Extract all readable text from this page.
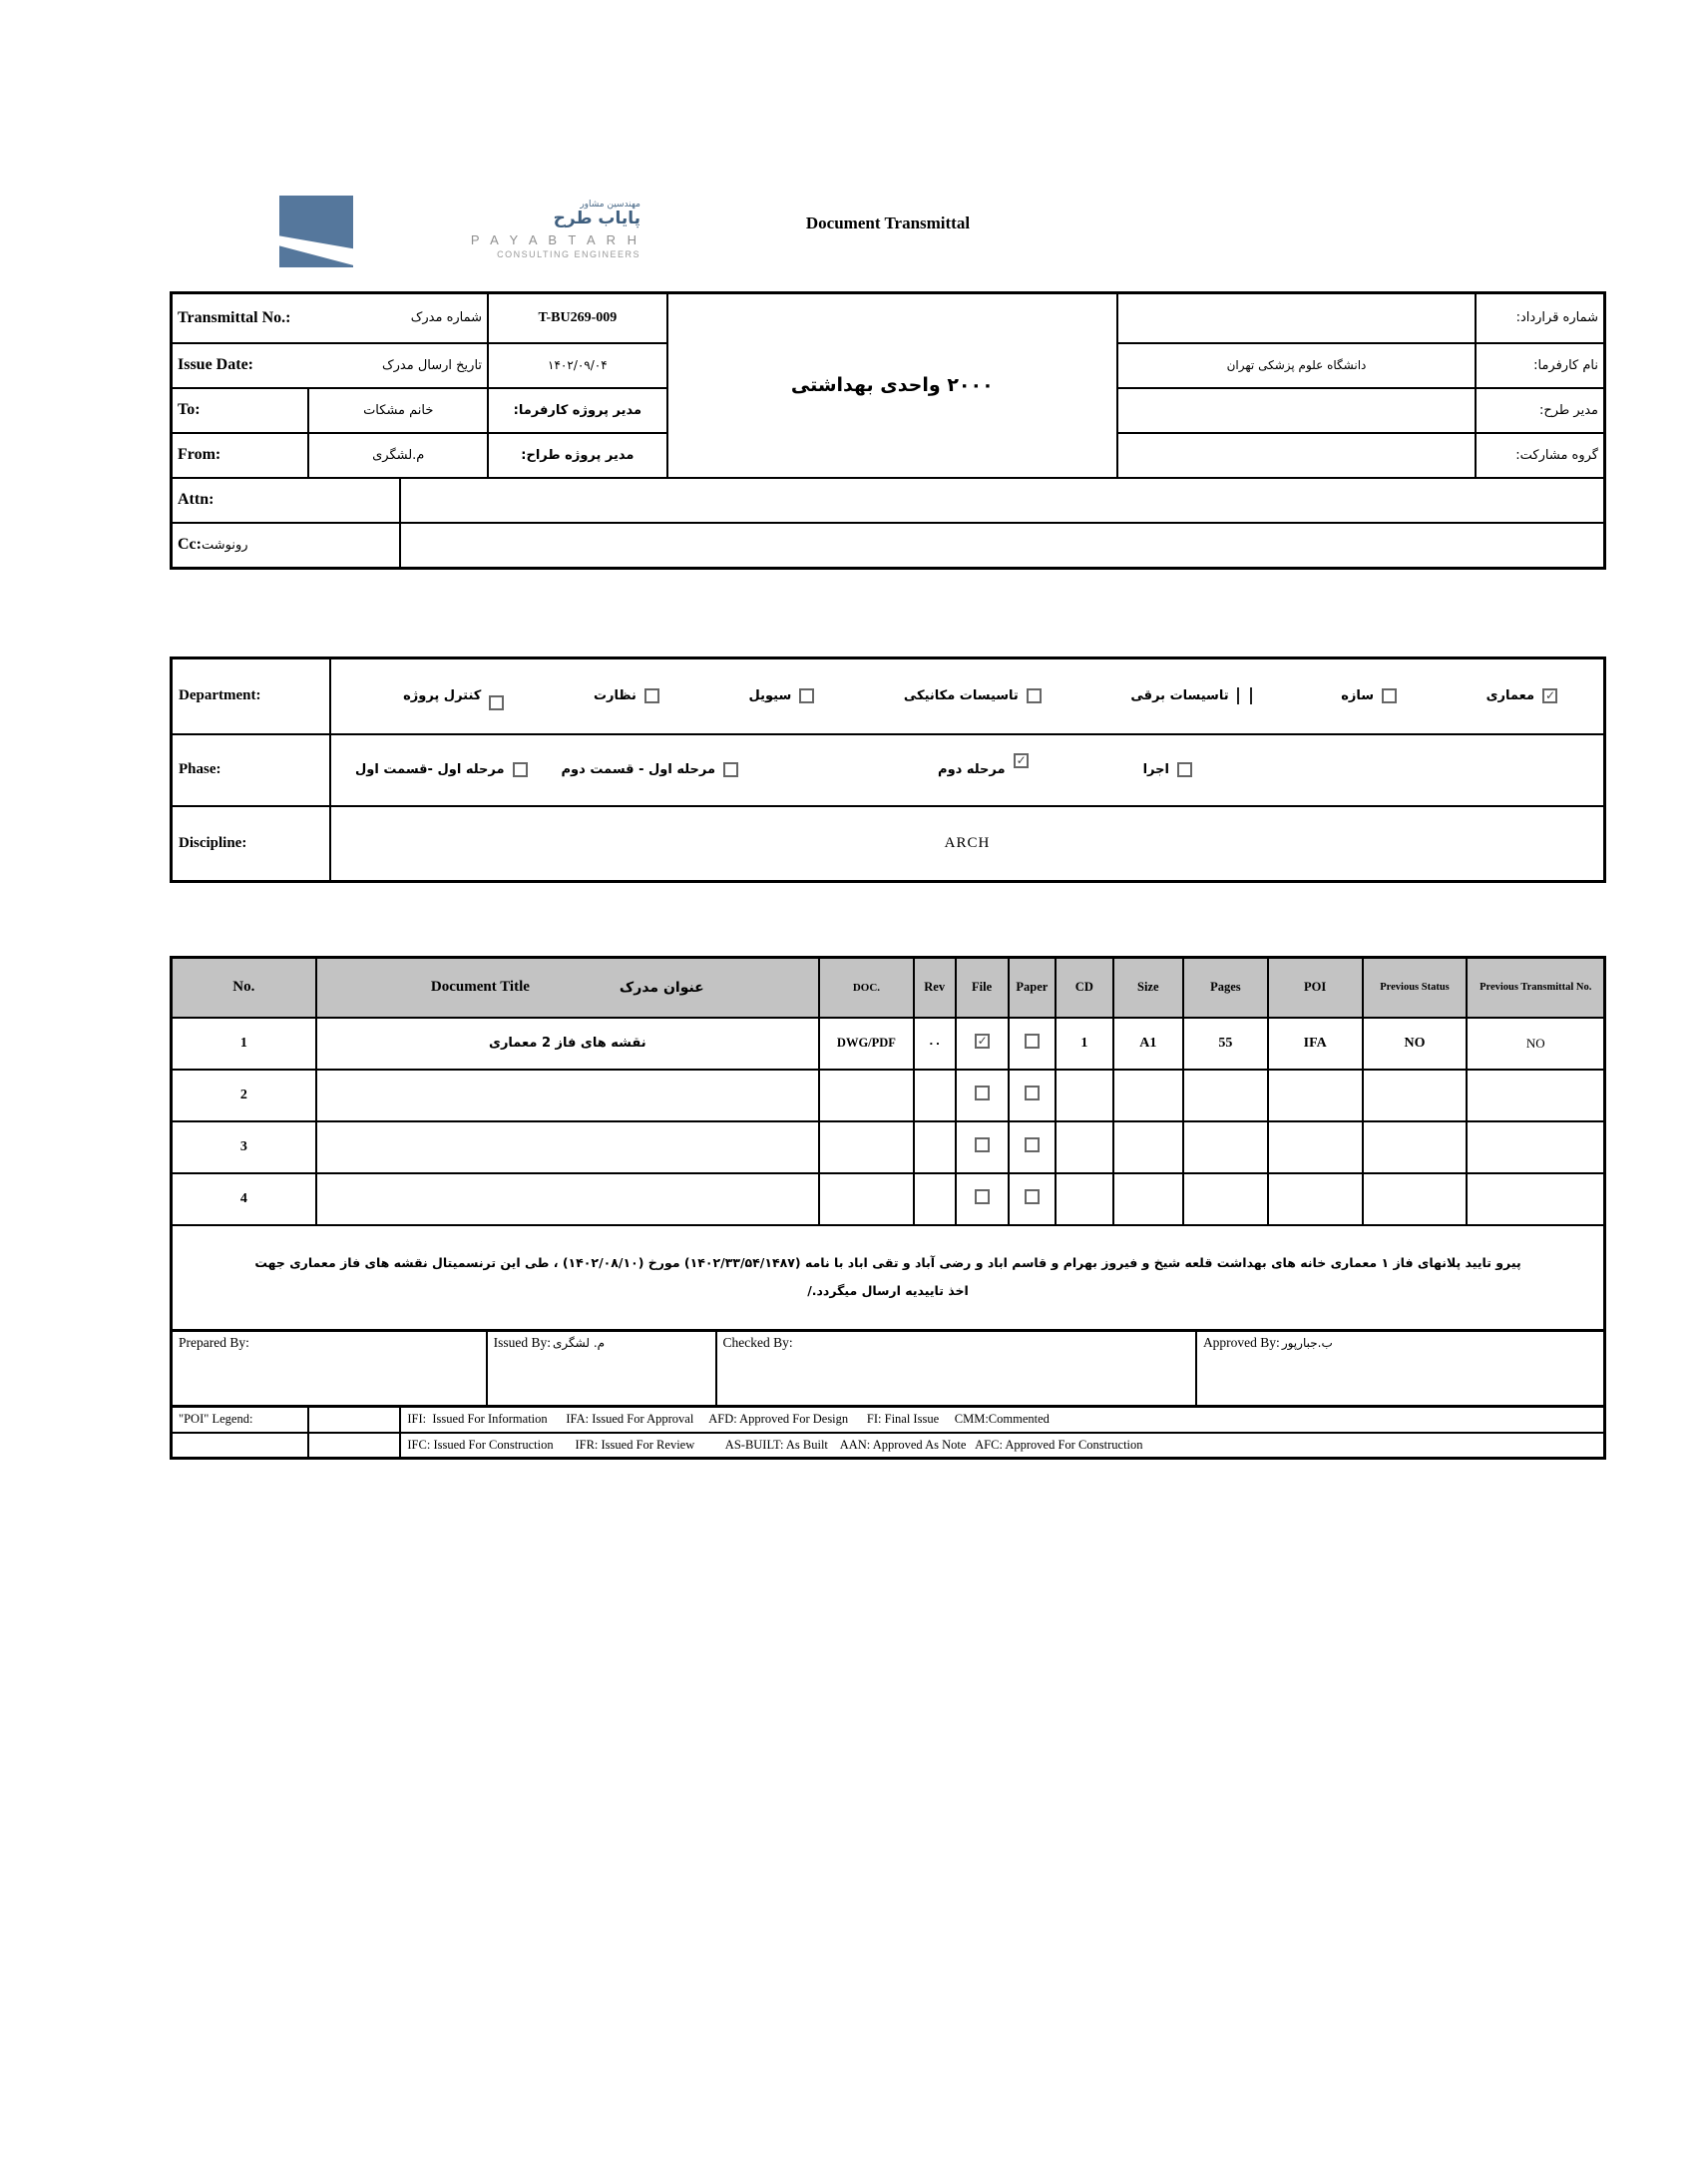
مهندسین مشاور
پایاب طرح
P A Y A B T A R H
CONSULTING ENGINEERS
Document Transmittal
Transmittal No.: شماره مدرک			T-BU269-009	۲۰۰۰ واحدی بهداشتی		شماره قرارداد:

Issue Date: تاریخ ارسال مدرک			۱۴۰۲/۰۹/۰۴		دانشگاه علوم پزشکی تهران	نام کارفرما:
To:	خانم مشکات		مدیر پروژه کارفرما:			مدیر طرح:
From:	م.لشگری		مدیر پروژه طراح:			گروه مشارکت:
Attn:						
Cc:رونوشت						
Department:	
✓معماری
سازه
تاسیسات برقی
تاسیسات مکانیکی
سیویل
نظارت
کنترل پروژه

Phase:	مرحله اول -قسمت اول مرحله اول - قسمت دوم مرحله دوم
✓ اجرا

Discipline:	ARCH
No.	Document Title عنوان مدرک	DOC.	Rev	File	Paper	CD	Size	Pages	POI	Previous Status	Previous Transmittal No.
1	نقشه های فاز 2 معماری	DWG/PDF	۰۰	✓		1	A1	55	IFA	NO	NO
2											
3											
4											

پیرو تایید پلانهای فاز ۱ معماری خانه های بهداشت قلعه شیخ و فیروز بهرام و قاسم اباد و رضی آباد و تقی اباد با نامه (۱۴۰۲/۳۳/۵۴/۱۴۸۷) مورخ (۱۴۰۲/۰۸/۱۰) ، طی این ترنسمیتال نقشه های فاز معماری جهت
اخذ تاییدیه ارسال میگردد./											
Prepared By:	Issued By: م. لشگری	Checked By:	Approved By: ب.جبارپور
"POI" Legend:		IFI:  Issued For Information      IFA: Issued For Approval     AFD: Approved For Design      FI: Final Issue     CMM:Commented
		IFC: Issued For Construction       IFR: Issued For Review          AS-BUILT: As Built    AAN: Approved As Note   AFC: Approved For Construction
